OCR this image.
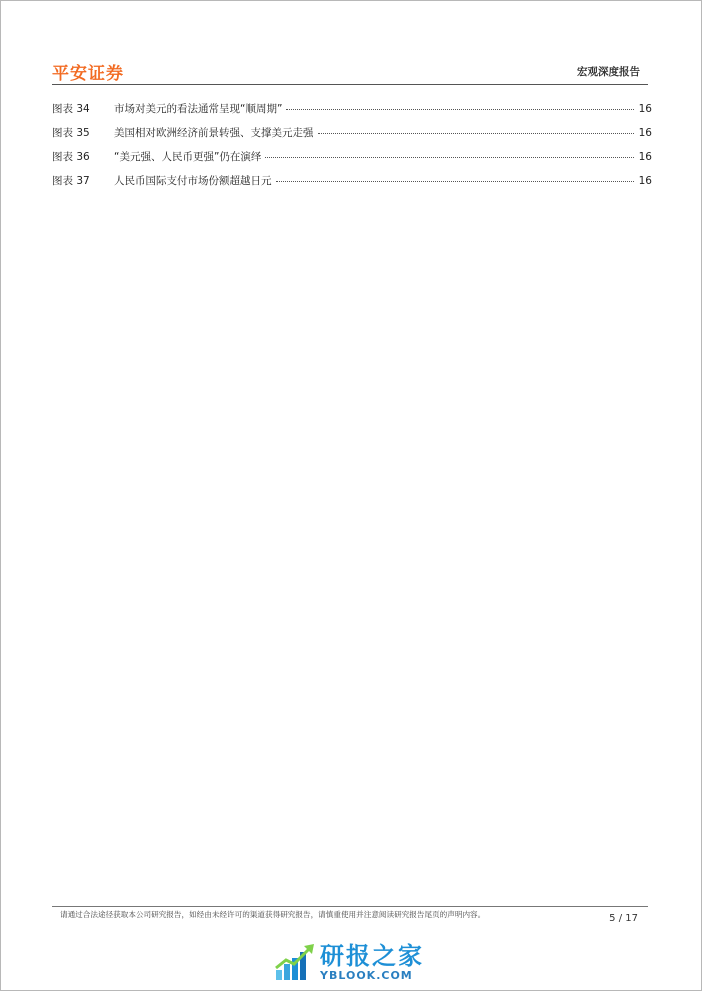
平安证券	宏观深度报告
图表 34	市场对美元的看法通常呈现“顺周期”	16
图表 35	美国相对欧洲经济前景转强、支撑美元走强	16
图表 36	“美元强、人民币更强”仍在演绎	16
图表 37	人民币国际支付市场份额超越日元	16
请通过合法途径获取本公司研究报告，如经由未经许可的渠道获得研究报告，请慎重使用并注意阅读研究报告尾页的声明内容。	5 / 17
研报之家
YBLOOK.COM
